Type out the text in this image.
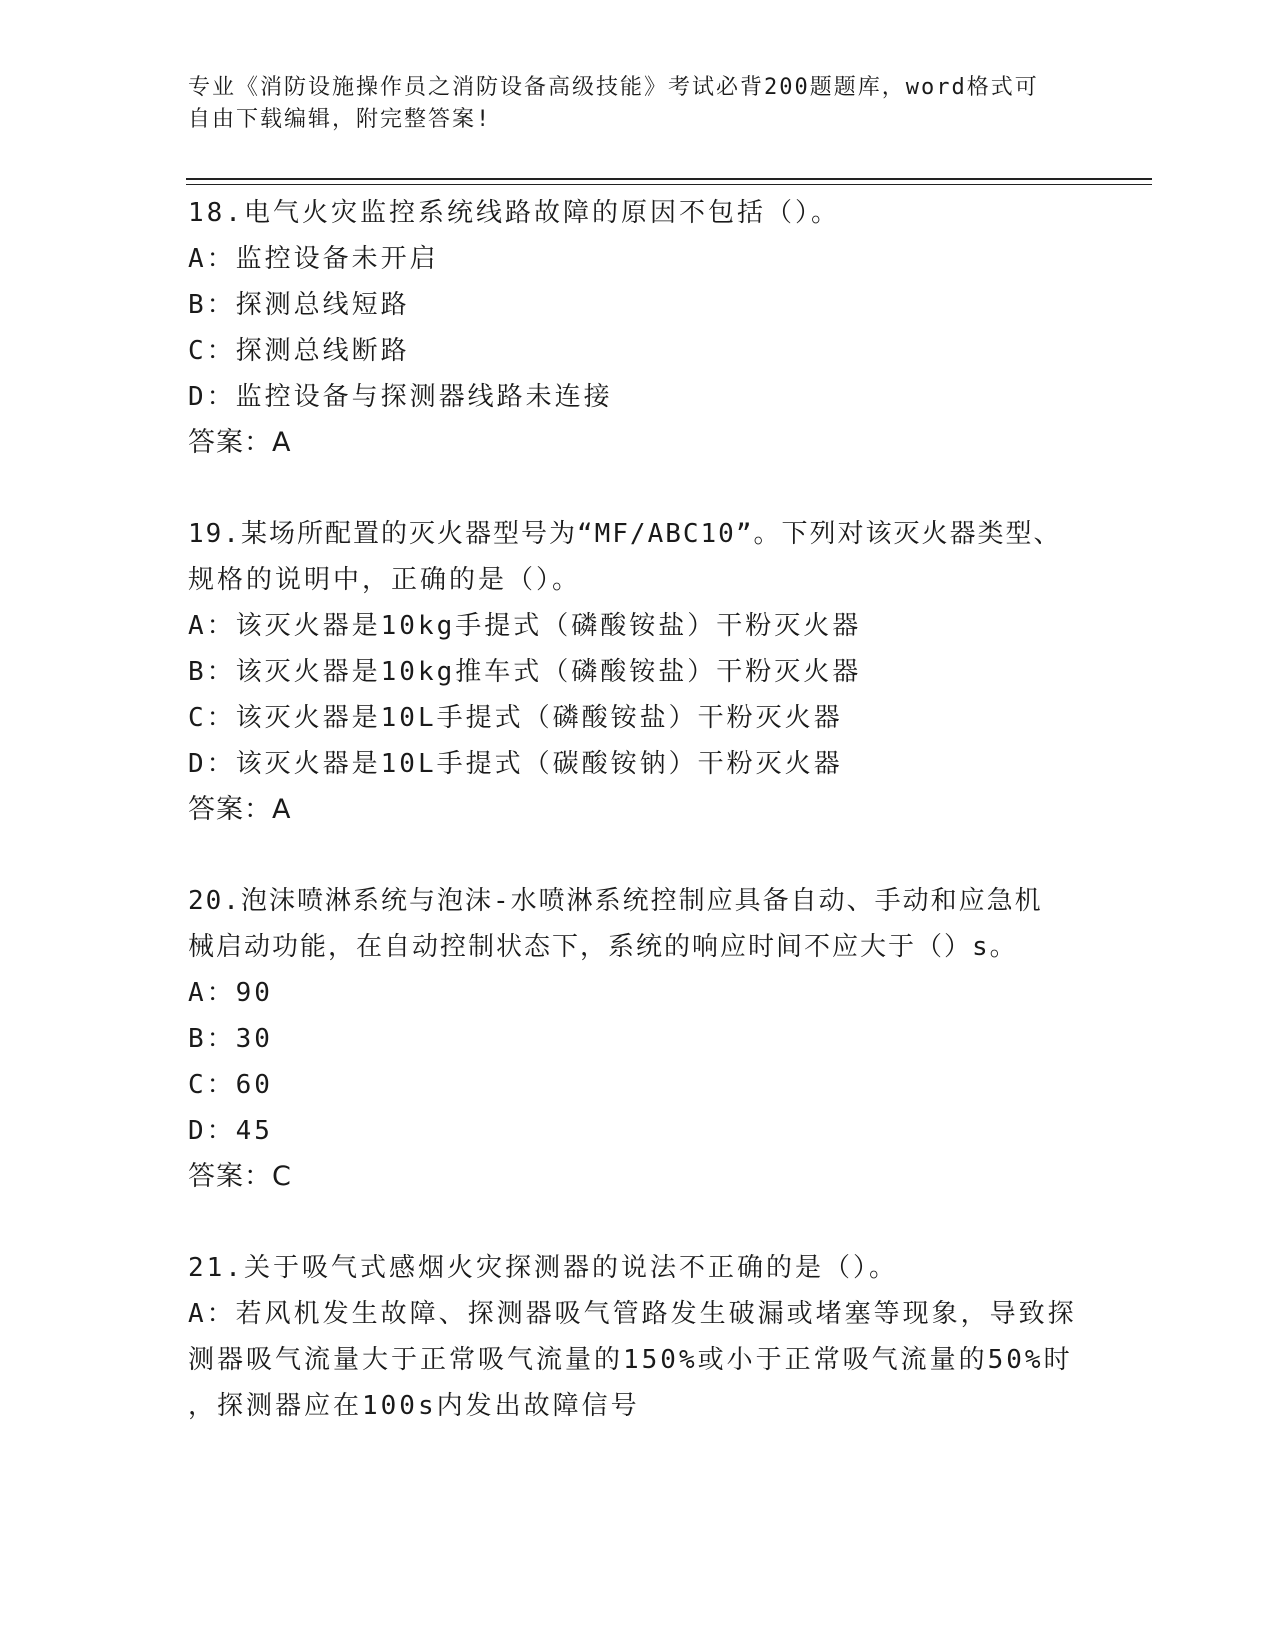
专业《消防设施操作员之消防设备高级技能》考试必背200题题库，word格式可
自由下载编辑，附完整答案!
18.电气火灾监控系统线路故障的原因不包括（）。
A：监控设备未开启
B：探测总线短路
C：探测总线断路
D：监控设备与探测器线路未连接
答案：A
19.某场所配置的灭火器型号为“MF/ABC10”。下列对该灭火器类型、
规格的说明中，正确的是（）。
A：该灭火器是10kg手提式（磷酸铵盐）干粉灭火器
B：该灭火器是10kg推车式（磷酸铵盐）干粉灭火器
C：该灭火器是10L手提式（磷酸铵盐）干粉灭火器
D：该灭火器是10L手提式（碳酸铵钠）干粉灭火器
答案：A
20.泡沫喷淋系统与泡沫-水喷淋系统控制应具备自动、手动和应急机
械启动功能，在自动控制状态下，系统的响应时间不应大于（）s。
A：90
B：30
C：60
D：45
答案：C
21.关于吸气式感烟火灾探测器的说法不正确的是（）。
A：若风机发生故障、探测器吸气管路发生破漏或堵塞等现象，导致探
测器吸气流量大于正常吸气流量的150%或小于正常吸气流量的50%时
，探测器应在100s内发出故障信号
